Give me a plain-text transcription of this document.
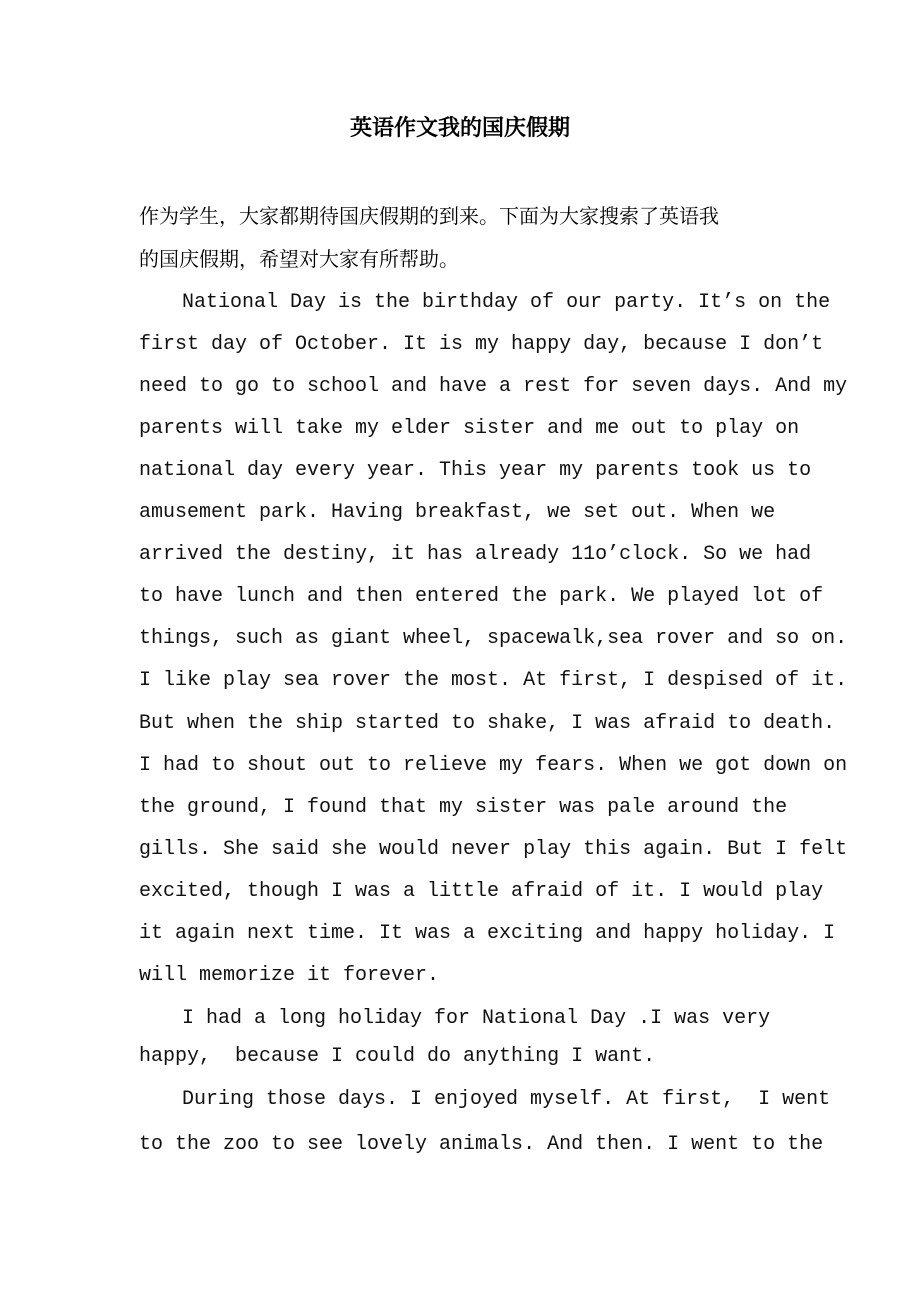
英语作文我的国庆假期
作为学生，大家都期待国庆假期的到来。下面为大家搜索了英语我
的国庆假期，希望对大家有所帮助。
National Day is the birthday of our party. It’s on the
first day of October. It is my happy day, because I don’t
need to go to school and have a rest for seven days. And my
parents will take my elder sister and me out to play on
national day every year. This year my parents took us to
amusement park. Having breakfast, we set out. When we
arrived the destiny, it has already 11o’clock. So we had
to have lunch and then entered the park. We played lot of
things, such as giant wheel, spacewalk,sea rover and so on.
I like play sea rover the most. At first, I despised of it.
But when the ship started to shake, I was afraid to death.
I had to shout out to relieve my fears. When we got down on
the ground, I found that my sister was pale around the
gills. She said she would never play this again. But I felt
excited, though I was a little afraid of it. I would play
it again next time. It was a exciting and happy holiday. I
will memorize it forever.
I had a long holiday for National Day .I was very
happy,  because I could do anything I want.
During those days. I enjoyed myself. At first,  I went
to the zoo to see lovely animals. And then. I went to the
